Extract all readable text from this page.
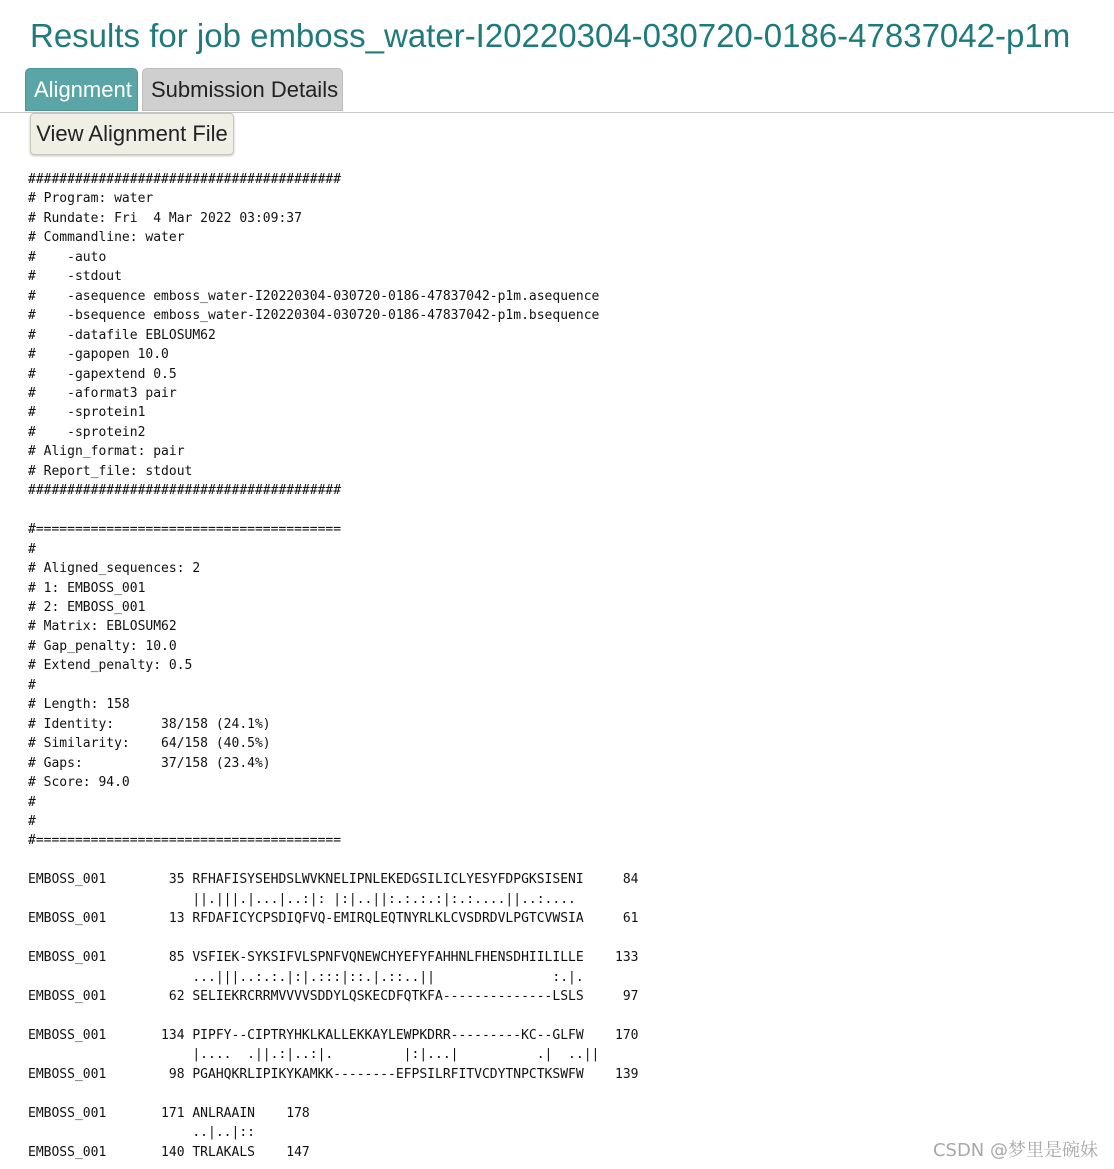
Results for job emboss_water-I20220304-030720-0186-47837042-p1m
Alignment Submission Details
View Alignment File
########################################
# Program: water
# Rundate: Fri  4 Mar 2022 03:09:37
# Commandline: water
#    -auto
#    -stdout
#    -asequence emboss_water-I20220304-030720-0186-47837042-p1m.asequence
#    -bsequence emboss_water-I20220304-030720-0186-47837042-p1m.bsequence
#    -datafile EBLOSUM62
#    -gapopen 10.0
#    -gapextend 0.5
#    -aformat3 pair
#    -sprotein1
#    -sprotein2
# Align_format: pair
# Report_file: stdout
########################################

#=======================================
#
# Aligned_sequences: 2
# 1: EMBOSS_001
# 2: EMBOSS_001
# Matrix: EBLOSUM62
# Gap_penalty: 10.0
# Extend_penalty: 0.5
#
# Length: 158
# Identity:      38/158 (24.1%)
# Similarity:    64/158 (40.5%)
# Gaps:          37/158 (23.4%)
# Score: 94.0
#
#
#=======================================

EMBOSS_001        35 RFHAFISYSEHDSLWVKNELIPNLEKEDGSILICLYESYFDPGKSISENI     84
||.|||.|...|..:|: |:|..||:.:.:.:|:.:....||..:....
EMBOSS_001        13 RFDAFICYCPSDIQFVQ-EMIRQLEQTNYRLKLCVSDRDVLPGTCVWSIA     61

EMBOSS_001        85 VSFIEK-SYKSIFVLSPNFVQNEWCHYEFYFAHHNLFHENSDHIILILLE    133
...|||..:.:.|:|.:::|::.|.::..||               :.|.
EMBOSS_001        62 SELIEKRCRRMVVVVSDDYLQSKECDFQTKFA--------------LSLS     97

EMBOSS_001       134 PIPFY--CIPTRYHKLKALLEKKAYLEWPKDRR---------KC--GLFW    170
|....  .||.:|..:|.         |:|...|          .|  ..||
EMBOSS_001        98 PGAHQKRLIPIKYKAMKK--------EFPSILRFITVCDYTNPCTKSWFW    139

EMBOSS_001       171 ANLRAAIN    178
..|..|::
EMBOSS_001       140 TRLAKALS    147	CSDN @梦里是碗妹
